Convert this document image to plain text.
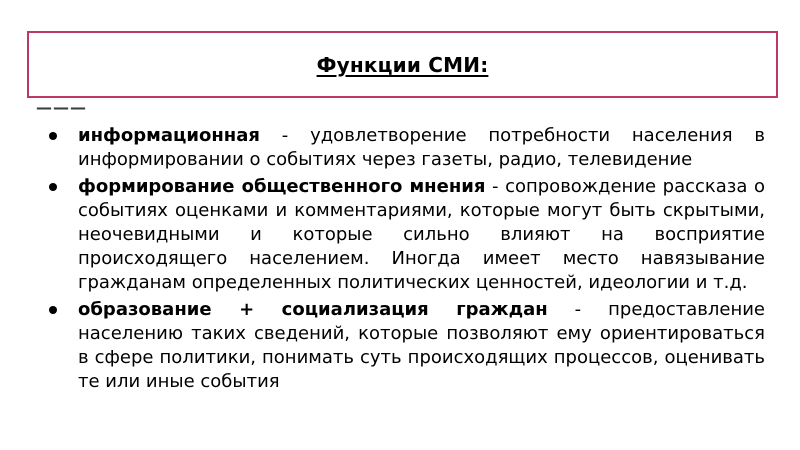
Функции СМИ:
———
информационная - удовлетворение потребности населения в информировании о событиях через газеты, радио, телевидение
формирование общественного мнения - сопровождение рассказа о событиях оценками и комментариями, которые могут быть скрытыми, неочевидными и которые сильно влияют на восприятие происходящего населением. Иногда имеет место навязывание гражданам определенных политических ценностей, идеологии и т.д.
образование + социализация граждан - предоставление населению таких сведений, которые позволяют ему ориентироваться в сфере политики, понимать суть происходящих процессов, оценивать те или иные события
